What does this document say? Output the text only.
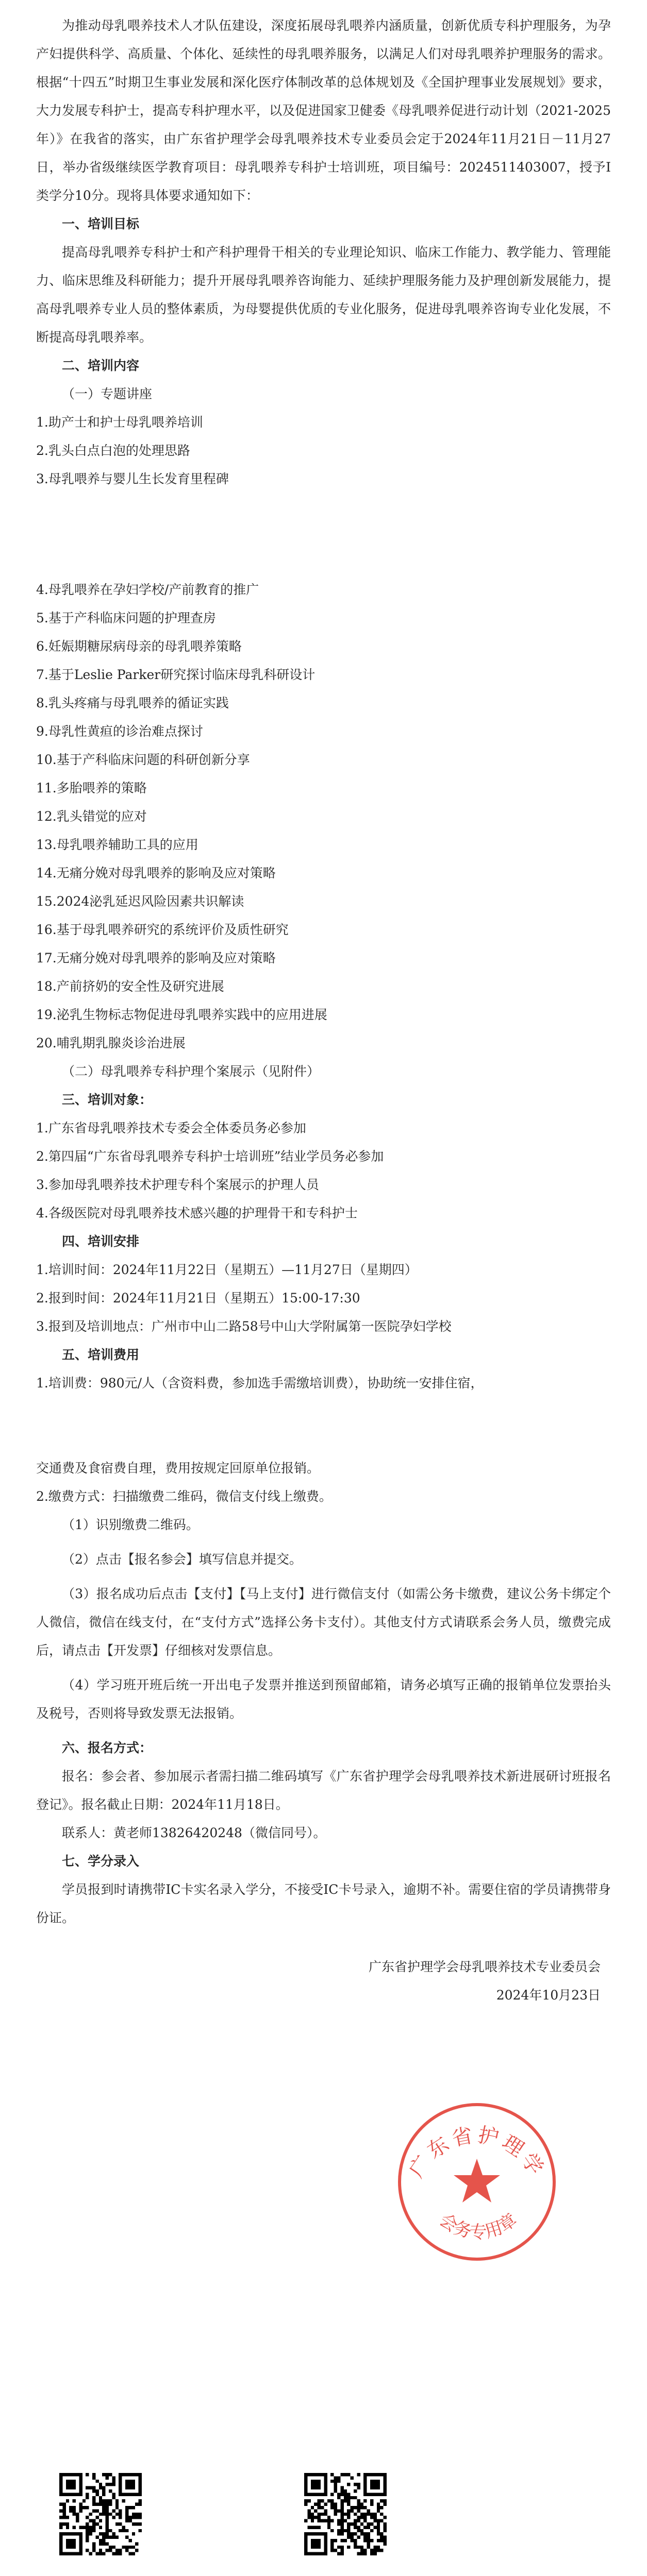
为推动母乳喂养技术人才队伍建设，深度拓展母乳喂养内涵质量，创新优质专科护理服务，为孕产妇提供科学、高质量、个体化、延续性的母乳喂养服务，以满足人们对母乳喂养护理服务的需求。根据“十四五”时期卫生事业发展和深化医疗体制改革的总体规划及《全国护理事业发展规划》要求，大力发展专科护士，提高专科护理水平，以及促进国家卫健委《母乳喂养促进行动计划（2021-2025年）》在我省的落实，由广东省护理学会母乳喂养技术专业委员会定于2024年11月21日－11月27日，举办省级继续医学教育项目：母乳喂养专科护士培训班，项目编号：2024511403007，授予I类学分10分。现将具体要求通知如下：

一、培训目标

提高母乳喂养专科护士和产科护理骨干相关的专业理论知识、临床工作能力、教学能力、管理能力、临床思维及科研能力；提升开展母乳喂养咨询能力、延续护理服务能力及护理创新发展能力，提高母乳喂养专业人员的整体素质，为母婴提供优质的专业化服务，促进母乳喂养咨询专业化发展，不断提高母乳喂养率。

二、培训内容

（一）专题讲座

1.助产士和护士母乳喂养培训

2.乳头白点白泡的处理思路

3.母乳喂养与婴儿生长发育里程碑

4.母乳喂养在孕妇学校/产前教育的推广

5.基于产科临床问题的护理查房

6.妊娠期糖尿病母亲的母乳喂养策略

7.基于Leslie Parker研究探讨临床母乳科研设计

8.乳头疼痛与母乳喂养的循证实践

9.母乳性黄疸的诊治难点探讨

10.基于产科临床问题的科研创新分享

11.多胎喂养的策略

12.乳头错觉的应对

13.母乳喂养辅助工具的应用

14.无痛分娩对母乳喂养的影响及应对策略

15.2024泌乳延迟风险因素共识解读

16.基于母乳喂养研究的系统评价及质性研究

17.无痛分娩对母乳喂养的影响及应对策略

18.产前挤奶的安全性及研究进展

19.泌乳生物标志物促进母乳喂养实践中的应用进展

20.哺乳期乳腺炎诊治进展

（二）母乳喂养专科护理个案展示（见附件）

三、培训对象：

1.广东省母乳喂养技术专委会全体委员务必参加

2.第四届“广东省母乳喂养专科护士培训班”结业学员务必参加

3.参加母乳喂养技术护理专科个案展示的护理人员

4.各级医院对母乳喂养技术感兴趣的护理骨干和专科护士

四、培训安排

1.培训时间：2024年11月22日（星期五）—11月27日（星期四）

2.报到时间：2024年11月21日（星期五）15:00-17:30

3.报到及培训地点：广州市中山二路58号中山大学附属第一医院孕妇学校

五、培训费用

1.培训费：980元/人（含资料费，参加选手需缴培训费），协助统一安排住宿，

交通费及食宿费自理，费用按规定回原单位报销。

2.缴费方式：扫描缴费二维码，微信支付线上缴费。

（1）识别缴费二维码。

（2）点击【报名参会】填写信息并提交。

（3）报名成功后点击【支付】【马上支付】进行微信支付（如需公务卡缴费，建议公务卡绑定个人微信，微信在线支付，在“支付方式”选择公务卡支付）。其他支付方式请联系会务人员，缴费完成后，请点击【开发票】仔细核对发票信息。

（4）学习班开班后统一开出电子发票并推送到预留邮箱，请务必填写正确的报销单位发票抬头及税号，否则将导致发票无法报销。

六、报名方式：

报名：参会者、参加展示者需扫描二维码填写《广东省护理学会母乳喂养技术新进展研讨班报名登记》。报名截止日期：2024年11月18日。

联系人：黄老师13826420248（微信同号）。

七、学分录入

学员报到时请携带IC卡实名录入学分，不接受IC卡号录入，逾期不补。需要住宿的学员请携带身份证。

广东省护理学会母乳喂养技术专业委员会

2024年10月23日

广东省护理学
会务专用章
